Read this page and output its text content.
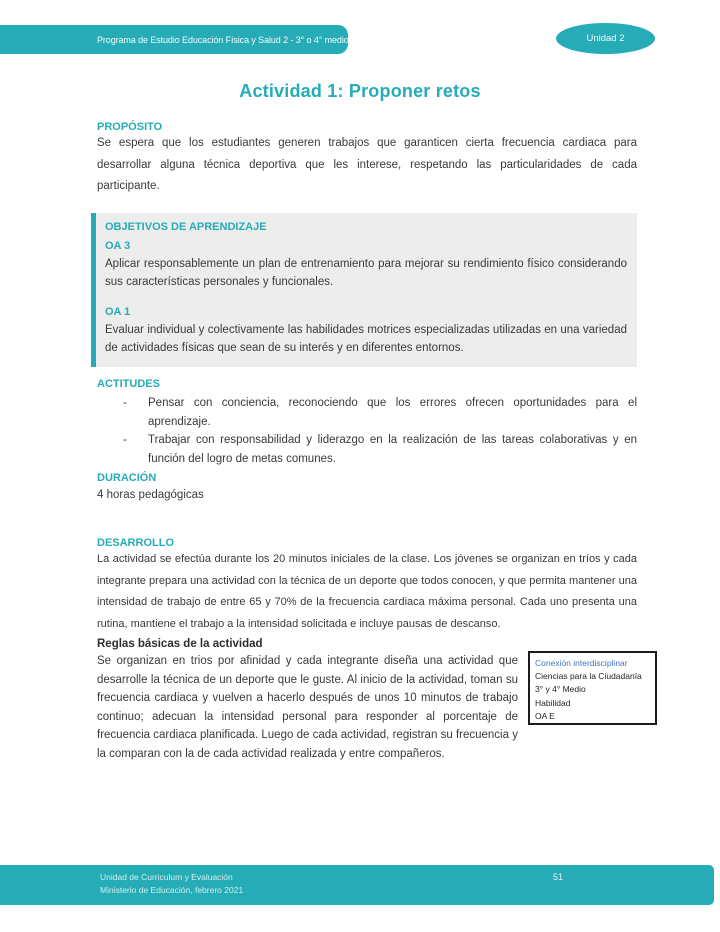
Programa de Estudio Educación Física y Salud 2 - 3° o 4° medio	Unidad 2
Actividad 1: Proponer retos
PROPÓSITO
Se espera que los estudiantes generen trabajos que garanticen cierta frecuencia cardiaca para desarrollar alguna técnica deportiva que les interese, respetando las particularidades de cada participante.
OBJETIVOS DE APRENDIZAJE
OA 3
Aplicar responsablemente un plan de entrenamiento para mejorar su rendimiento físico considerando sus características personales y funcionales.
OA 1
Evaluar individual y colectivamente las habilidades motrices especializadas utilizadas en una variedad de actividades físicas que sean de su interés y en diferentes entornos.
ACTITUDES
- Pensar con conciencia, reconociendo que los errores ofrecen oportunidades para el aprendizaje.
- Trabajar con responsabilidad y liderazgo en la realización de las tareas colaborativas y en función del logro de metas comunes.
DURACIÓN
4 horas pedagógicas
DESARROLLO
La actividad se efectúa durante los 20 minutos iniciales de la clase. Los jóvenes se organizan en tríos y cada integrante prepara una actividad con la técnica de un deporte que todos conocen, y que permita mantener una intensidad de trabajo de entre 65 y 70% de la frecuencia cardiaca máxima personal. Cada uno presenta una rutina, mantiene el trabajo a la intensidad solicitada e incluye pausas de descanso.
Reglas básicas de la actividad
Se organizan en trios por afinidad y cada integrante diseña una actividad que desarrolle la técnica de un deporte que le guste. Al inicio de la actividad, toman su frecuencia cardiaca y vuelven a hacerlo después de unos 10 minutos de trabajo continuo; adecuan la intensidad personal para responder al porcentaje de frecuencia cardiaca planificada. Luego de cada actividad, registran su frecuencia y la comparan con la de cada actividad realizada y entre compañeros.
Conexión interdisciplinar
Ciencias para la Ciudadanía
3° y 4° Medio
Habilidad
OA E
Unidad de Curriculum y Evaluación
Ministerio de Educación, febrero 2021
51
